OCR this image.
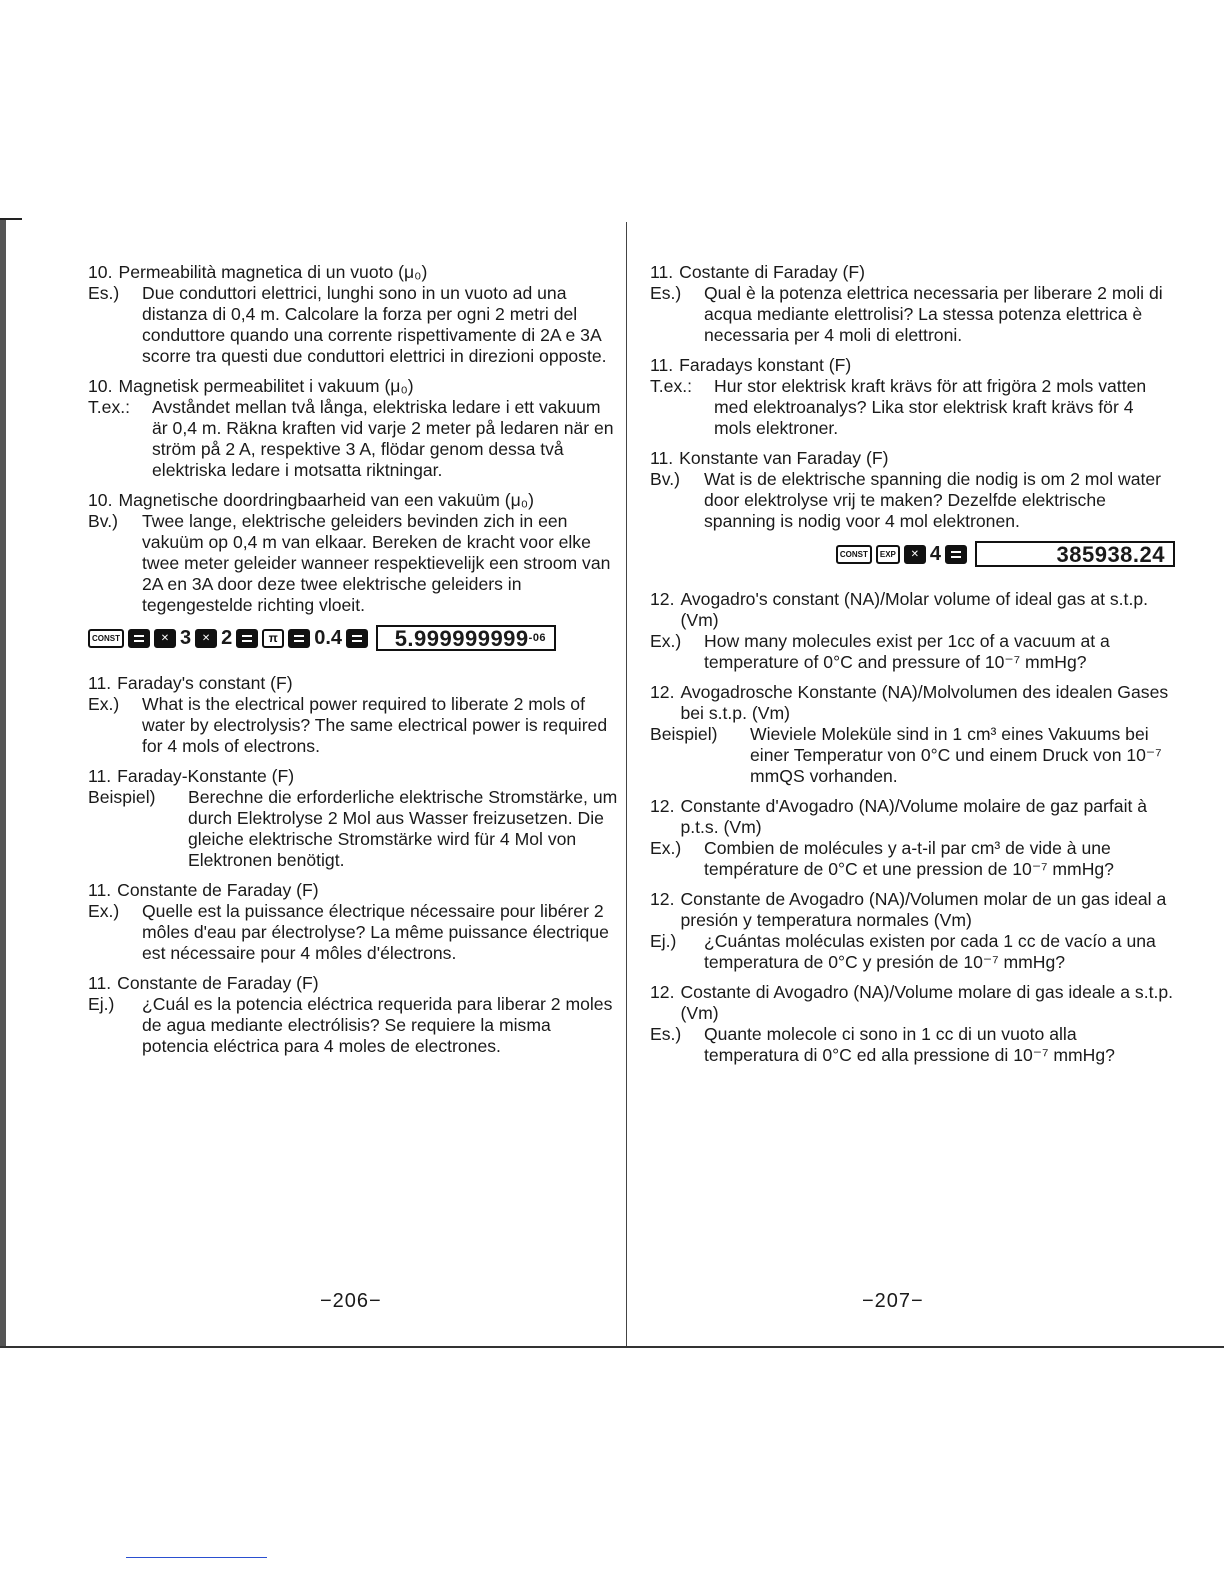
10. Permeabilità magnetica di un vuoto (μ₀)
Es.)	Due conduttori elettrici, lunghi sono in un vuoto ad una distanza di 0,4 m. Calcolare la forza per ogni 2 metri del conduttore quando una corrente rispettivamente di 2A e 3A scorre tra questi due conduttori elettrici in direzioni opposte.
10. Magnetisk permeabilitet i vakuum (μ₀)
T.ex.:	Avståndet mellan två långa, elektriska ledare i ett vakuum är 0,4 m. Räkna kraften vid varje 2 meter på ledaren när en ström på 2 A, respektive 3 A, flödar genom dessa två elektriska ledare i motsatta riktningar.
10. Magnetische doordringbaarheid van een vakuüm (μ₀)
Bv.)	Twee lange, elektrische geleiders bevinden zich in een vakuüm op 0,4 m van elkaar. Bereken de kracht voor elke twee meter geleider wanneer respektievelijk een stroom van 2A en 3A door deze twee elektrische geleiders in tegengestelde richting vloeit.
CONST	✕ 3	✕ 2	π	0.4 5.999999999 -06
11. Faraday's constant (F)
Ex.)	What is the electrical power required to liberate 2 mols of water by electrolysis? The same electrical power is required for 4 mols of electrons.
11. Faraday-Konstante (F)
Beispiel)	Berechne die erforderliche elektrische Stromstärke, um durch Elektrolyse 2 Mol aus Wasser freizusetzen. Die gleiche elektrische Stromstärke wird für 4 Mol von Elektronen benötigt.
11. Constante de Faraday (F)
Ex.)	Quelle est la puissance électrique nécessaire pour libérer 2 môles d'eau par électrolyse? La même puissance électrique est nécessaire pour 4 môles d'électrons.
11. Constante de Faraday (F)
Ej.)	¿Cuál es la potencia eléctrica requerida para liberar 2 moles de agua mediante electrólisis? Se requiere la misma potencia eléctrica para 4 moles de electrones.
−206−
11. Costante di Faraday (F)
Es.)	Qual è la potenza elettrica necessaria per liberare 2 moli di acqua mediante elettrolisi? La stessa potenza elettrica è necessaria per 4 moli di elettroni.
11. Faradays konstant (F)
T.ex.:	Hur stor elektrisk kraft krävs för att frigöra 2 mols vatten med elektroanalys? Lika stor elektrisk kraft krävs för 4 mols elektroner.
11. Konstante van Faraday (F)
Bv.)	Wat is de elektrische spanning die nodig is om 2 mol water door elektrolyse vrij te maken? Dezelfde elektrische spanning is nodig voor 4 mol elektronen.
CONST	EXP	✕ 4	385938.24
12. Avogadro's constant (NA)/Molar volume of ideal gas at s.t.p. (Vm)
Ex.)	How many molecules exist per 1cc of a vacuum at a temperature of 0°C and pressure of 10⁻⁷ mmHg?
12. Avogadrosche Konstante (NA)/Molvolumen des idealen Gases bei s.t.p. (Vm)
Beispiel)	Wieviele Moleküle sind in 1 cm³ eines Vakuums bei einer Temperatur von 0°C und einem Druck von 10⁻⁷ mmQS vorhanden.
12. Constante d'Avogadro (NA)/Volume molaire de gaz parfait à p.t.s. (Vm)
Ex.)	Combien de molécules y a-t-il par cm³ de vide à une température de 0°C et une pression de 10⁻⁷ mmHg?
12. Constante de Avogadro (NA)/Volumen molar de un gas ideal a presión y temperatura normales (Vm)
Ej.)	¿Cuántas moléculas existen por cada 1 cc de vacío a una temperatura de 0°C y presión de 10⁻⁷ mmHg?
12. Costante di Avogadro (NA)/Volume molare di gas ideale a s.t.p. (Vm)
Es.)	Quante molecole ci sono in 1 cc di un vuoto alla temperatura di 0°C ed alla pressione di 10⁻⁷ mmHg?
−207−
